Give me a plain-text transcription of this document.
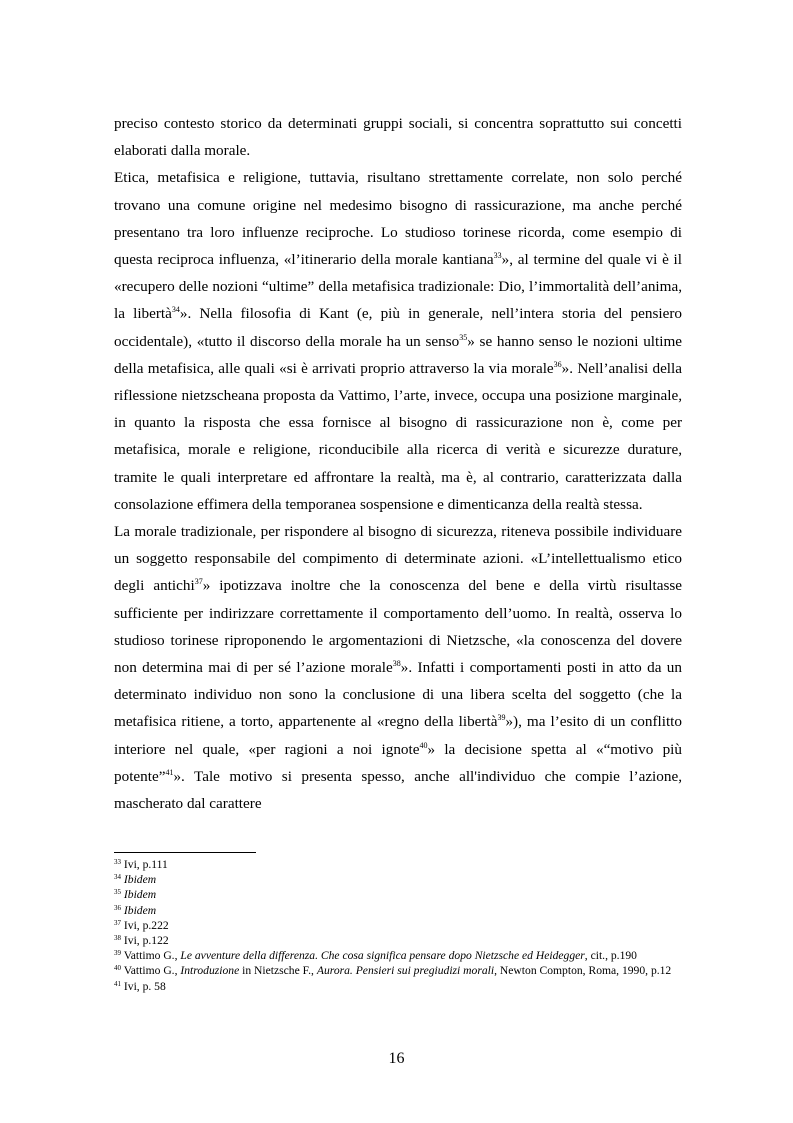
preciso contesto storico da determinati gruppi sociali, si concentra soprattutto sui concetti elaborati dalla morale.

Etica, metafisica e religione, tuttavia, risultano strettamente correlate, non solo perché trovano una comune origine nel medesimo bisogno di rassicurazione, ma anche perché presentano tra loro influenze reciproche. Lo studioso torinese ricorda, come esempio di questa reciproca influenza, «l’itinerario della morale kantiana$^{33}$», al termine del quale vi è il «recupero delle nozioni “ultime” della metafisica tradizionale: Dio, l’immortalità dell’anima, la libertà$^{34}$». Nella filosofia di Kant (e, più in generale, nell’intera storia del pensiero occidentale), «tutto il discorso della morale ha un senso$^{35}$» se hanno senso le nozioni ultime della metafisica, alle quali «si è arrivati proprio attraverso la via morale$^{36}$». Nell’analisi della riflessione nietzscheana proposta da Vattimo, l’arte, invece, occupa una posizione marginale, in quanto la risposta che essa fornisce al bisogno di rassicurazione non è, come per metafisica, morale e religione, riconducibile alla ricerca di verità e sicurezze durature, tramite le quali interpretare ed affrontare la realtà, ma è, al contrario, caratterizzata dalla consolazione effimera della temporanea sospensione e dimenticanza della realtà stessa.

La morale tradizionale, per rispondere al bisogno di sicurezza, riteneva possibile individuare un soggetto responsabile del compimento di determinate azioni. «L’intellettualismo etico degli antichi$^{37}$» ipotizzava inoltre che la conoscenza del bene e della virtù risultasse sufficiente per indirizzare correttamente il comportamento dell’uomo. In realtà, osserva lo studioso torinese riproponendo le argomentazioni di Nietzsche, «la conoscenza del dovere non determina mai di per sé l’azione morale$^{38}$». Infatti i comportamenti posti in atto da un determinato individuo non sono la conclusione di una libera scelta del soggetto (che la metafisica ritiene, a torto, appartenente al «regno della libertà$^{39}$»), ma l’esito di un conflitto interiore nel quale, «per ragioni a noi ignote$^{40}$» la decisione spetta al «“motivo più potente”$^{41}$». Tale motivo si presenta spesso, anche all'individuo che compie l’azione, mascherato dal carattere

$^{33}$ Ivi, p.111

$^{34}$ Ibidem

$^{35}$ Ibidem

$^{36}$ Ibidem

$^{37}$ Ivi, p.222

$^{38}$ Ivi, p.122

$^{39}$ Vattimo G., Le avventure della differenza. Che cosa significa pensare dopo Nietzsche ed Heidegger, cit., p.190

$^{40}$ Vattimo G., Introduzione in Nietzsche F., Aurora. Pensieri sui pregiudizi morali, Newton Compton, Roma, 1990, p.12

$^{41}$ Ivi, p. 58

16
